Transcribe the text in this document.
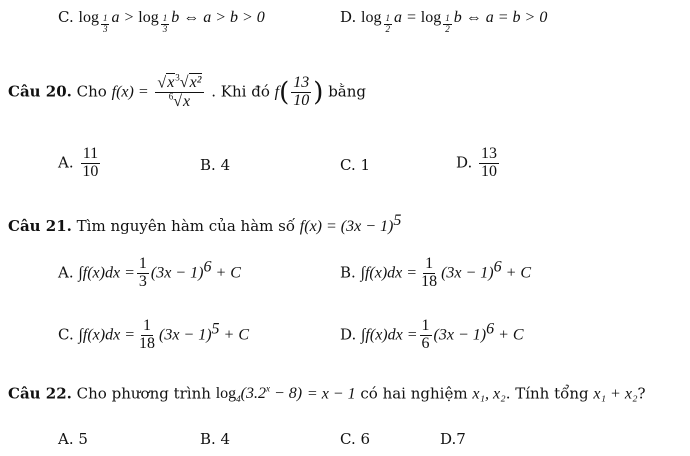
C. log $_{\frac{1}{3}}$ a > log $_{\frac{1}{3}}$ b ⇔ a > b > 0	D. log $_{\frac{1}{2}}$ a = log $_{\frac{1}{2}}$ b ⇔ a = b > 0
Câu 20. Cho $f(x) = \frac{√x^3√x^2}{^6√x}$ . Khi đó $f( \frac{13}{10}$ ) bằng
A. $\frac{11}{10}$	B. 4	C. 1	D. $\frac{13}{10}$
Câu 21. Tìm nguyên hàm của hàm số $f(x) = (3x - 1)^5$
A. $\int f(x)dx = \frac{1}{3} (3x - 1)^6 + C$	B. $\int f(x)dx = \frac{1}{18} (3x - 1)^6 + C$
C. $\int f(x)dx = \frac{1}{18} (3x - 1)^5 + C$	D. $\int f(x)dx = \frac{1}{6} (3x - 1)^6 + C$
Câu 22. Cho phương trình $\log_4(3.2^x - 8) = x - 1$ có hai nghiệm x₁, x₂. Tính tổng x₁ + x₂?
A. 5	B. 4	C. 6	D.7
